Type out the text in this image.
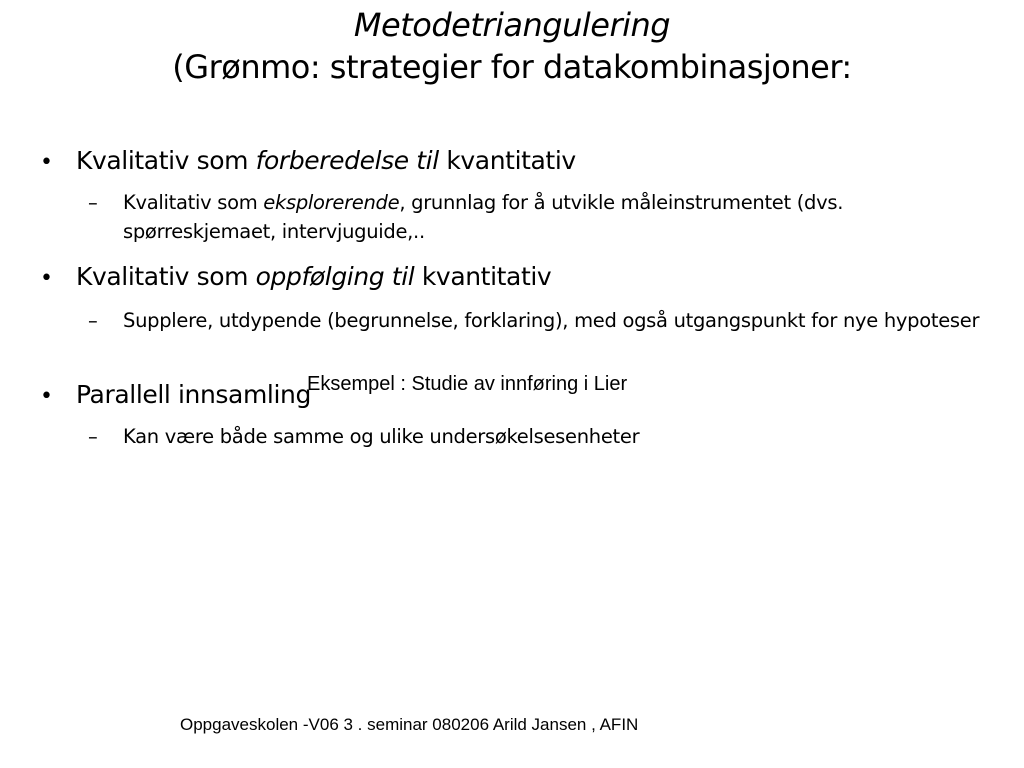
Metodetriangulering
(Grønmo: strategier for datakombinasjoner:
• Kvalitativ som forberedelse til kvantitativ
– Kvalitativ som eksplorerende, grunnlag for å utvikle måleinstrumentet (dvs. spørreskjemaet, intervjuguide,..
• Kvalitativ som oppfølging til kvantitativ
– Supplere, utdypende (begrunnelse, forklaring), med også utgangspunkt for nye hypoteser
• Parallell innsamling
– Kan være både samme og ulike undersøkelsesenheter
Eksempel : Studie av innføring i Lier
Oppgaveskolen -V06 3 . seminar 080206 Arild Jansen , AFIN
